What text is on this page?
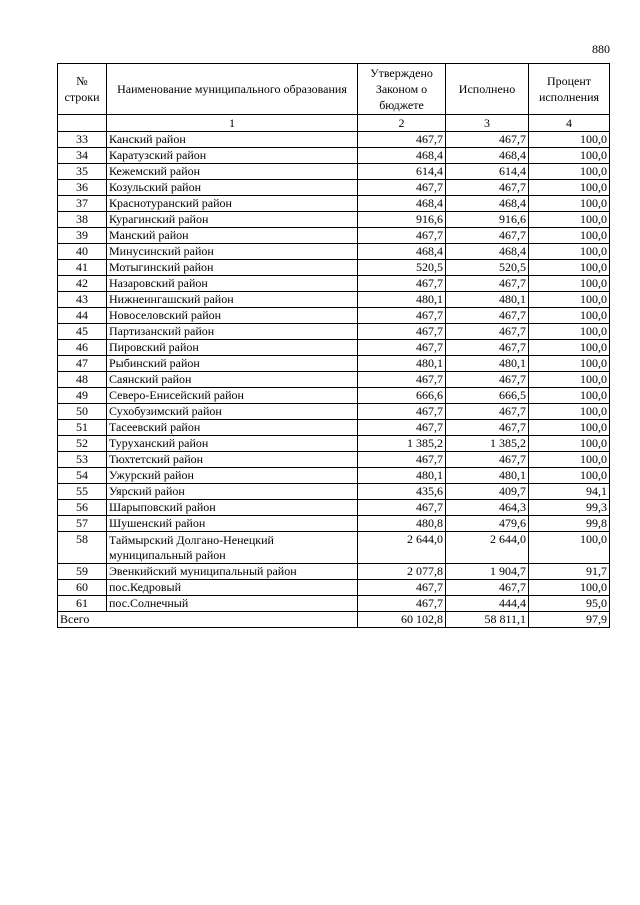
880
№ строки	Наименование муниципального образования	Утверждено Законом о бюджете	Исполнено	Процент исполнения
	1	2	3	4
33	Канский район	467,7	467,7	100,0
34	Каратузский район	468,4	468,4	100,0
35	Кежемский район	614,4	614,4	100,0
36	Козульский район	467,7	467,7	100,0
37	Краснотуранский район	468,4	468,4	100,0
38	Курагинский район	916,6	916,6	100,0
39	Манский район	467,7	467,7	100,0
40	Минусинский район	468,4	468,4	100,0
41	Мотыгинский район	520,5	520,5	100,0
42	Назаровский район	467,7	467,7	100,0
43	Нижнеингашский район	480,1	480,1	100,0
44	Новоселовский район	467,7	467,7	100,0
45	Партизанский район	467,7	467,7	100,0
46	Пировский район	467,7	467,7	100,0
47	Рыбинский район	480,1	480,1	100,0
48	Саянский район	467,7	467,7	100,0
49	Северо-Енисейский район	666,6	666,5	100,0
50	Сухобузимский район	467,7	467,7	100,0
51	Тасеевский район	467,7	467,7	100,0
52	Туруханский район	1 385,2	1 385,2	100,0
53	Тюхтетский район	467,7	467,7	100,0
54	Ужурский район	480,1	480,1	100,0
55	Уярский район	435,6	409,7	94,1
56	Шарыповский район	467,7	464,3	99,3
57	Шушенский район	480,8	479,6	99,8
58	Таймырский Долгано-Ненецкий муниципальный район	2 644,0	2 644,0	100,0
59	Эвенкийский муниципальный район	2 077,8	1 904,7	91,7
60	пос.Кедровый	467,7	467,7	100,0
61	пос.Солнечный	467,7	444,4	95,0
Всего		60 102,8	58 811,1	97,9
